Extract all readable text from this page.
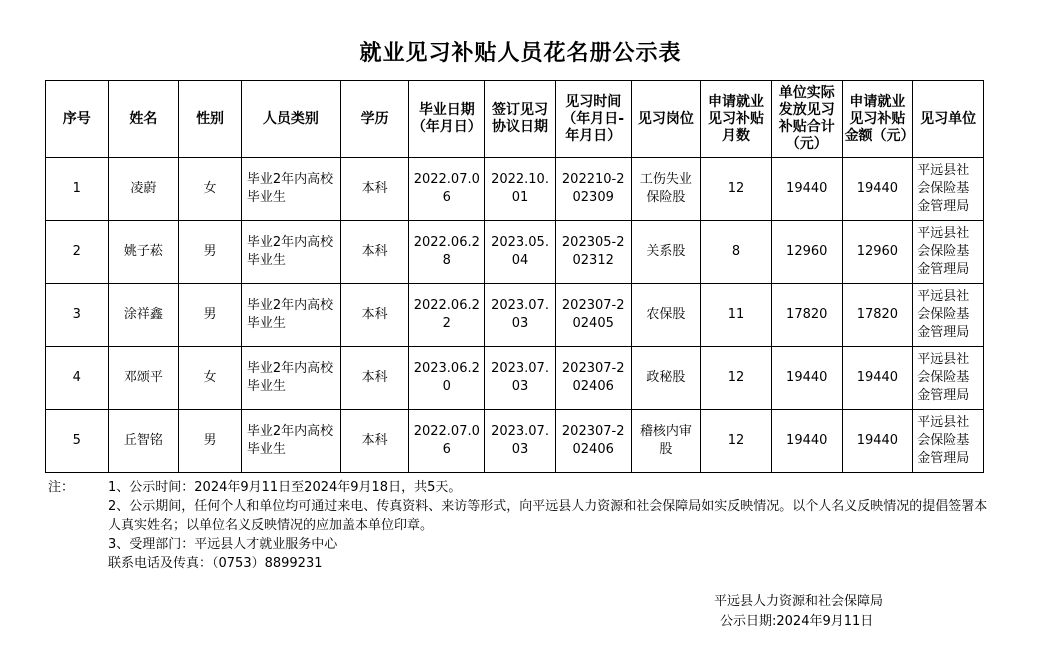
就业见习补贴人员花名册公示表
序号	姓名	性别	人员类别	学历	毕业日期（年月日）	签订见习协议日期	见习时间（年月日-年月日）	见习岗位	申请就业见习补贴月数	单位实际发放见习补贴合计（元）	申请就业见习补贴金额（元）	见习单位
1	凌蔚	女	毕业2年内高校毕业生	本科	2022.07.06	2022.10.01	202210-202309	工伤失业保险股	12	19440	19440	平远县社会保险基金管理局
2	姚子菘	男	毕业2年内高校毕业生	本科	2022.06.28	2023.05.04	202305-202312	关系股	8	12960	12960	平远县社会保险基金管理局
3	涂祥鑫	男	毕业2年内高校毕业生	本科	2022.06.22	2023.07.03	202307-202405	农保股	11	17820	17820	平远县社会保险基金管理局
4	邓颂平	女	毕业2年内高校毕业生	本科	2023.06.20	2023.07.03	202307-202406	政秘股	12	19440	19440	平远县社会保险基金管理局
5	丘智铭	男	毕业2年内高校毕业生	本科	2022.07.06	2023.07.03	202307-202406	稽核内审股	12	19440	19440	平远县社会保险基金管理局
注：	1、公示时间：2024年9月11日至2024年9月18日，共5天。
2、公示期间，任何个人和单位均可通过来电、传真资料、来访等形式，向平远县人力资源和社会保障局如实反映情况。以个人名义反映情况的提倡签署本人真实姓名；以单位名义反映情况的应加盖本单位印章。
3、受理部门：平远县人才就业服务中心
联系电话及传真：（0753）8899231
平远县人力资源和社会保障局
公示日期:2024年9月11日
